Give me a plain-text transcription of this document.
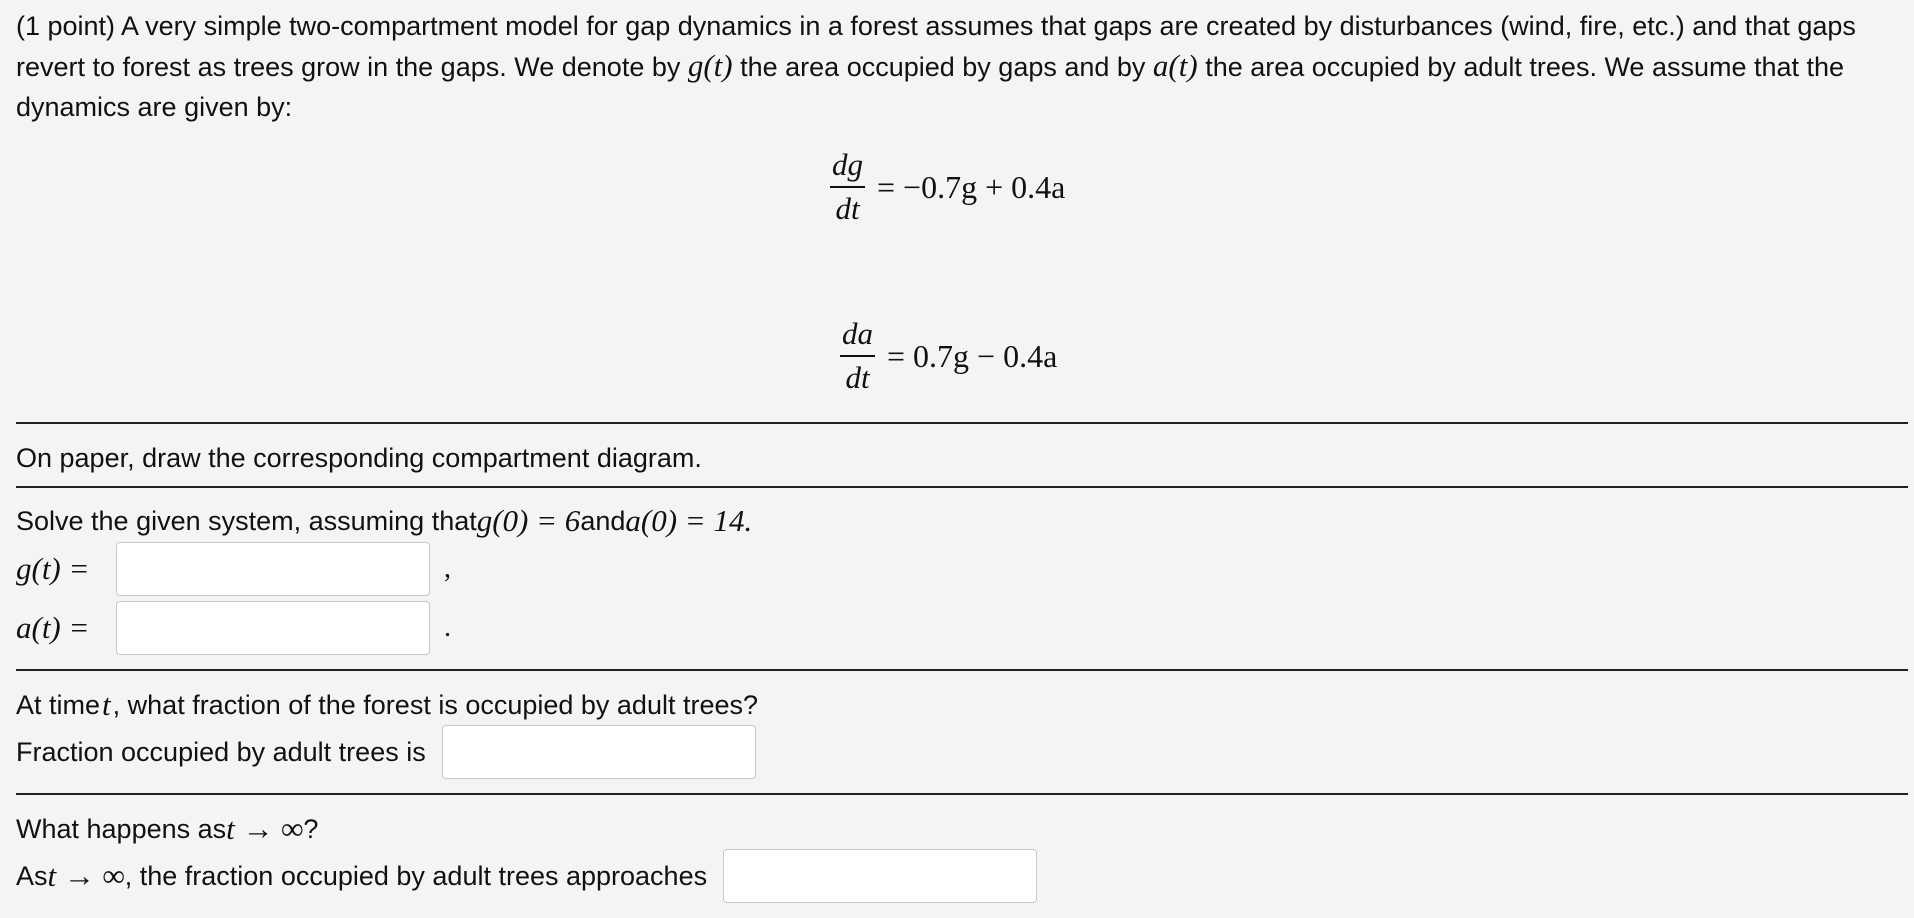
(1 point) A very simple two-compartment model for gap dynamics in a forest assumes that gaps are created by disturbances (wind, fire, etc.) and that gaps revert to forest as trees grow in the gaps. We denote by g(t) the area occupied by gaps and by a(t) the area occupied by adult trees. We assume that the dynamics are given by:
$\frac{dg}{dt} = -0.7g + 0.4a$
$\frac{da}{dt} = 0.7g - 0.4a$
On paper, draw the corresponding compartment diagram.
Solve the given system, assuming that g(0) = 6 and a(0) = 14.
g(t) =	,
a(t) =	.
At time t , what fraction of the forest is occupied by adult trees?
Fraction occupied by adult trees is
What happens as t → ∞ ?
As t → ∞ , the fraction occupied by adult trees approaches
